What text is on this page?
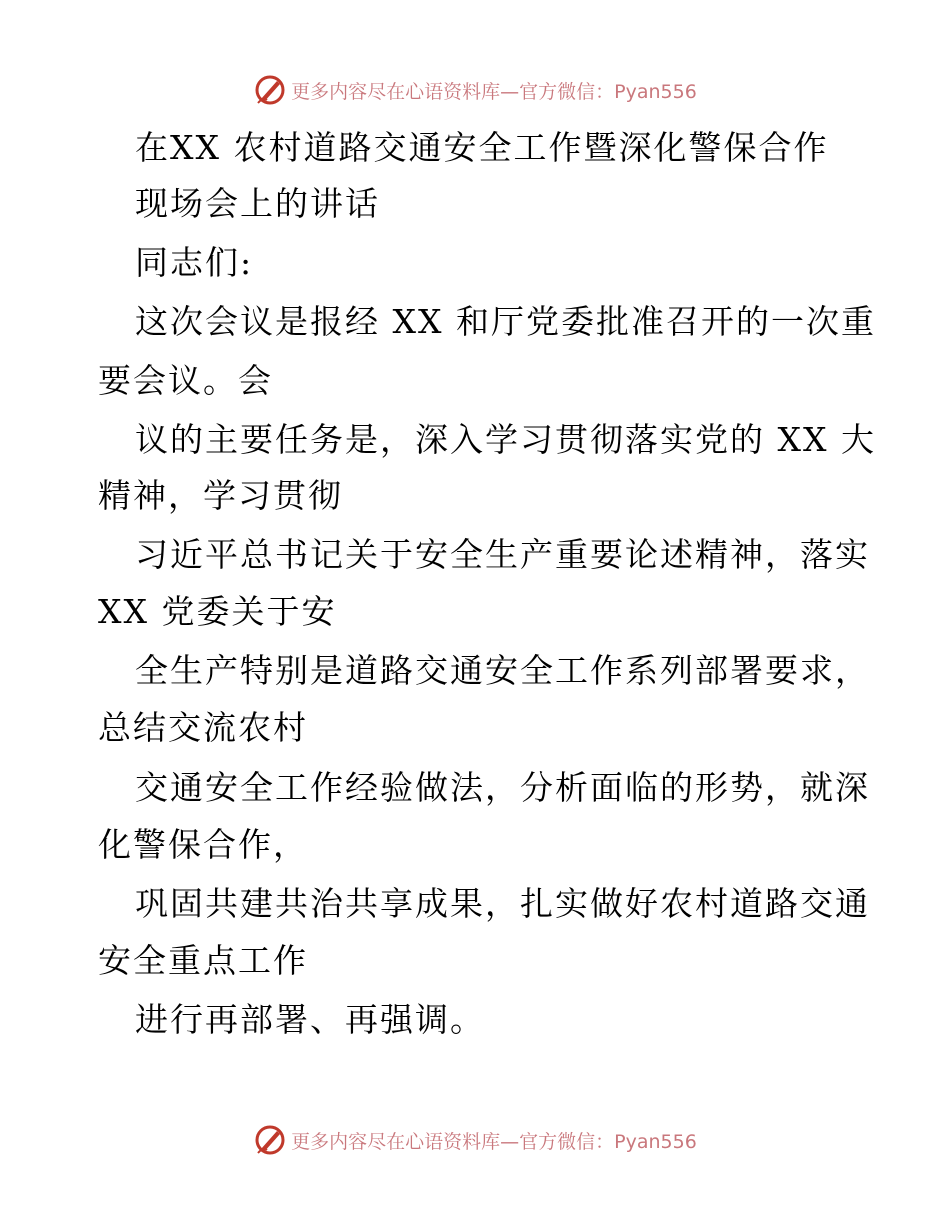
更多内容尽在心语资料库—官方微信：Pyan556
在XX 农村道路交通安全工作暨深化警保合作
现场会上的讲话
同志们:
这次会议是报经 XX 和厅党委批准召开的一次重
要会议。会
议的主要任务是，深入学习贯彻落实党的 XX 大
精神，学习贯彻
习近平总书记关于安全生产重要论述精神，落实
XX 党委关于安
全生产特别是道路交通安全工作系列部署要求，
总结交流农村
交通安全工作经验做法，分析面临的形势，就深
化警保合作，
巩固共建共治共享成果，扎实做好农村道路交通
安全重点工作
进行再部署、再强调。
更多内容尽在心语资料库—官方微信：Pyan556
